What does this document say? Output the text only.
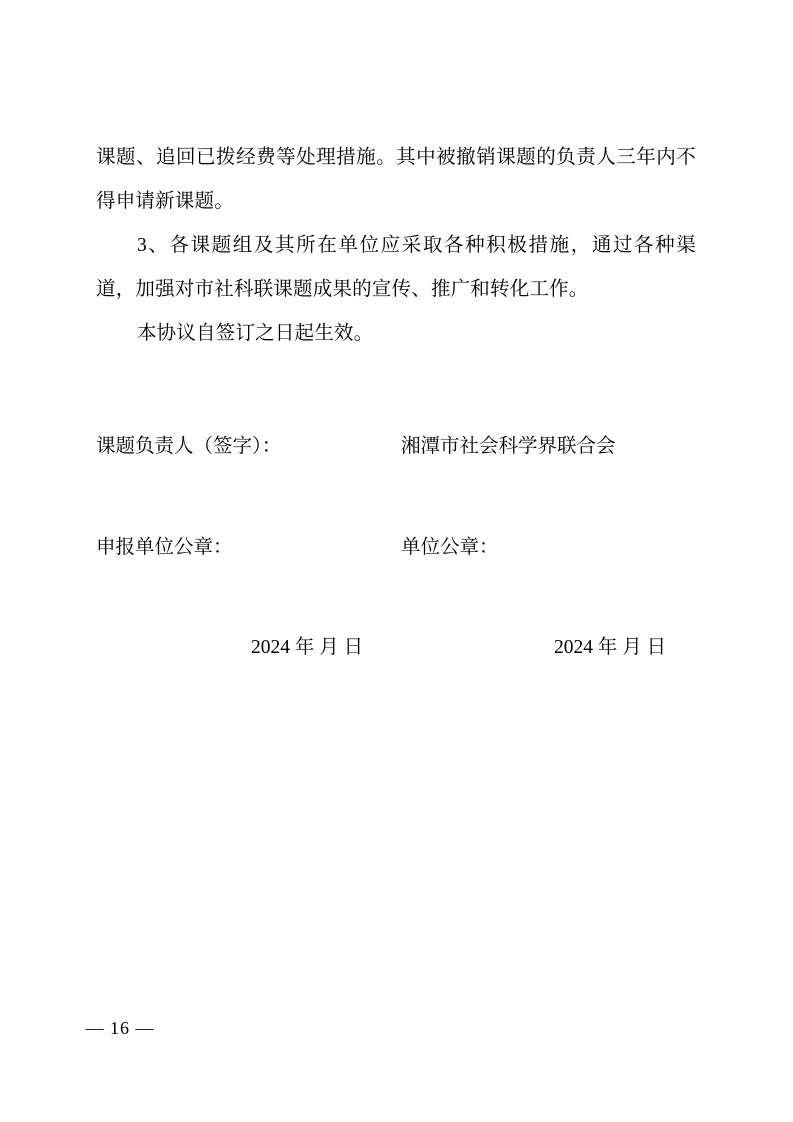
课题、追回已拨经费等处理措施。其中被撤销课题的负责人三年内不得申请新课题。

3、各课题组及其所在单位应采取各种积极措施，通过各种渠道，加强对市社科联课题成果的宣传、推广和转化工作。

本协议自签订之日起生效。

课题负责人（签字）：	湘潭市社会科学界联合会
申报单位公章：	单位公章：
2024 年 月 日	2024 年 月 日
— 16 —
